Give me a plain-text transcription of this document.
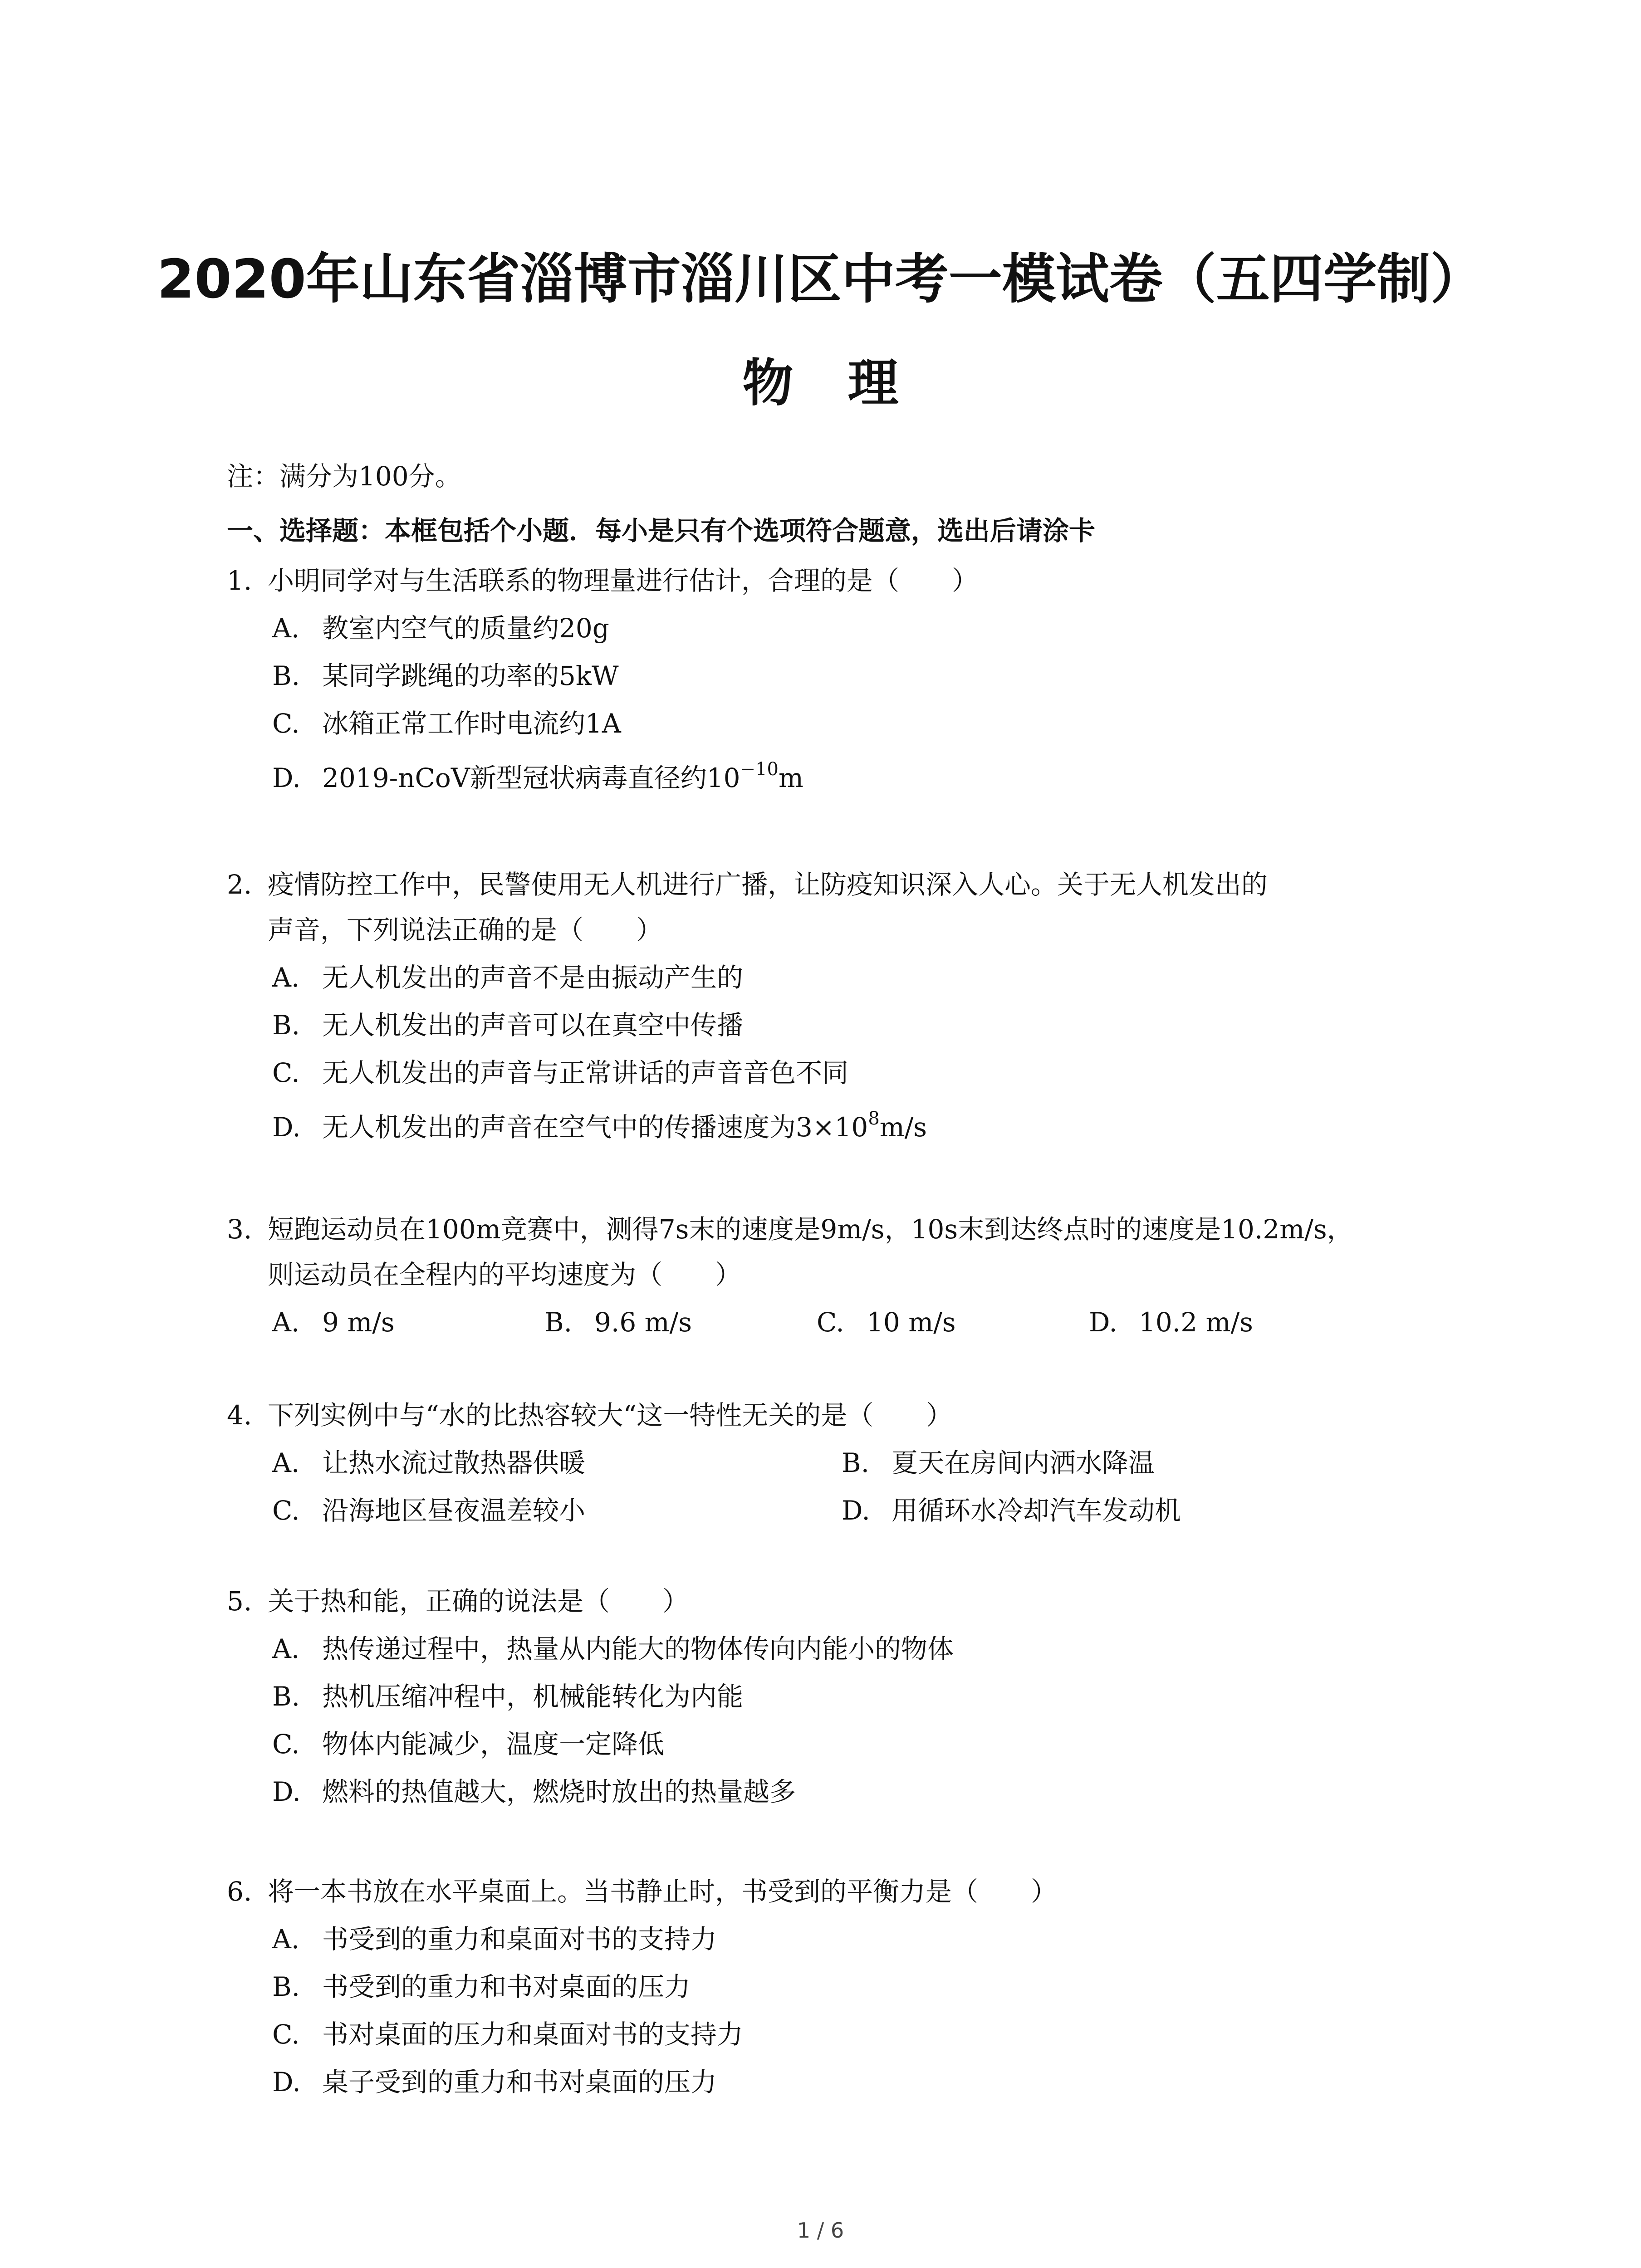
2020年山东省淄博市淄川区中考一模试卷（五四学制）
物理
注：满分为100分。
一、选择题：本框包括个小题．每小是只有个选项符合题意，选出后请涂卡
1. 小明同学对与生活联系的物理量进行估计，合理的是（　　）
A. 教室内空气的质量约20g
B. 某同学跳绳的功率的5kW
C. 冰箱正常工作时电流约1A
D. 2019-nCoV新型冠状病毒直径约$10^{-10}m$
2. 疫情防控工作中，民警使用无人机进行广播，让防疫知识深入人心。关于无人机发出的
声音，下列说法正确的是（　　）
A. 无人机发出的声音不是由振动产生的
B. 无人机发出的声音可以在真空中传播
C. 无人机发出的声音与正常讲话的声音音色不同
D. 无人机发出的声音在空气中的传播速度为$3\times 10^8m/s$
3. 短跑运动员在100m竞赛中，测得7s末的速度是9m/s，10s末到达终点时的速度是10.2m/s，
则运动员在全程内的平均速度为（　　）
A. 9 m/s	B. 9.6 m/s	C. 10 m/s	D. 10.2 m/s
4. 下列实例中与“水的比热容较大“这一特性无关的是（　　）
A. 让热水流过散热器供暖	B. 夏天在房间内洒水降温
C. 沿海地区昼夜温差较小	D. 用循环水冷却汽车发动机
5. 关于热和能，正确的说法是（　　）
A. 热传递过程中，热量从内能大的物体传向内能小的物体
B. 热机压缩冲程中，机械能转化为内能
C. 物体内能减少，温度一定降低
D. 燃料的热值越大，燃烧时放出的热量越多
6. 将一本书放在水平桌面上。当书静止时，书受到的平衡力是（　　）
A. 书受到的重力和桌面对书的支持力
B. 书受到的重力和书对桌面的压力
C. 书对桌面的压力和桌面对书的支持力
D. 桌子受到的重力和书对桌面的压力
1 / 6
